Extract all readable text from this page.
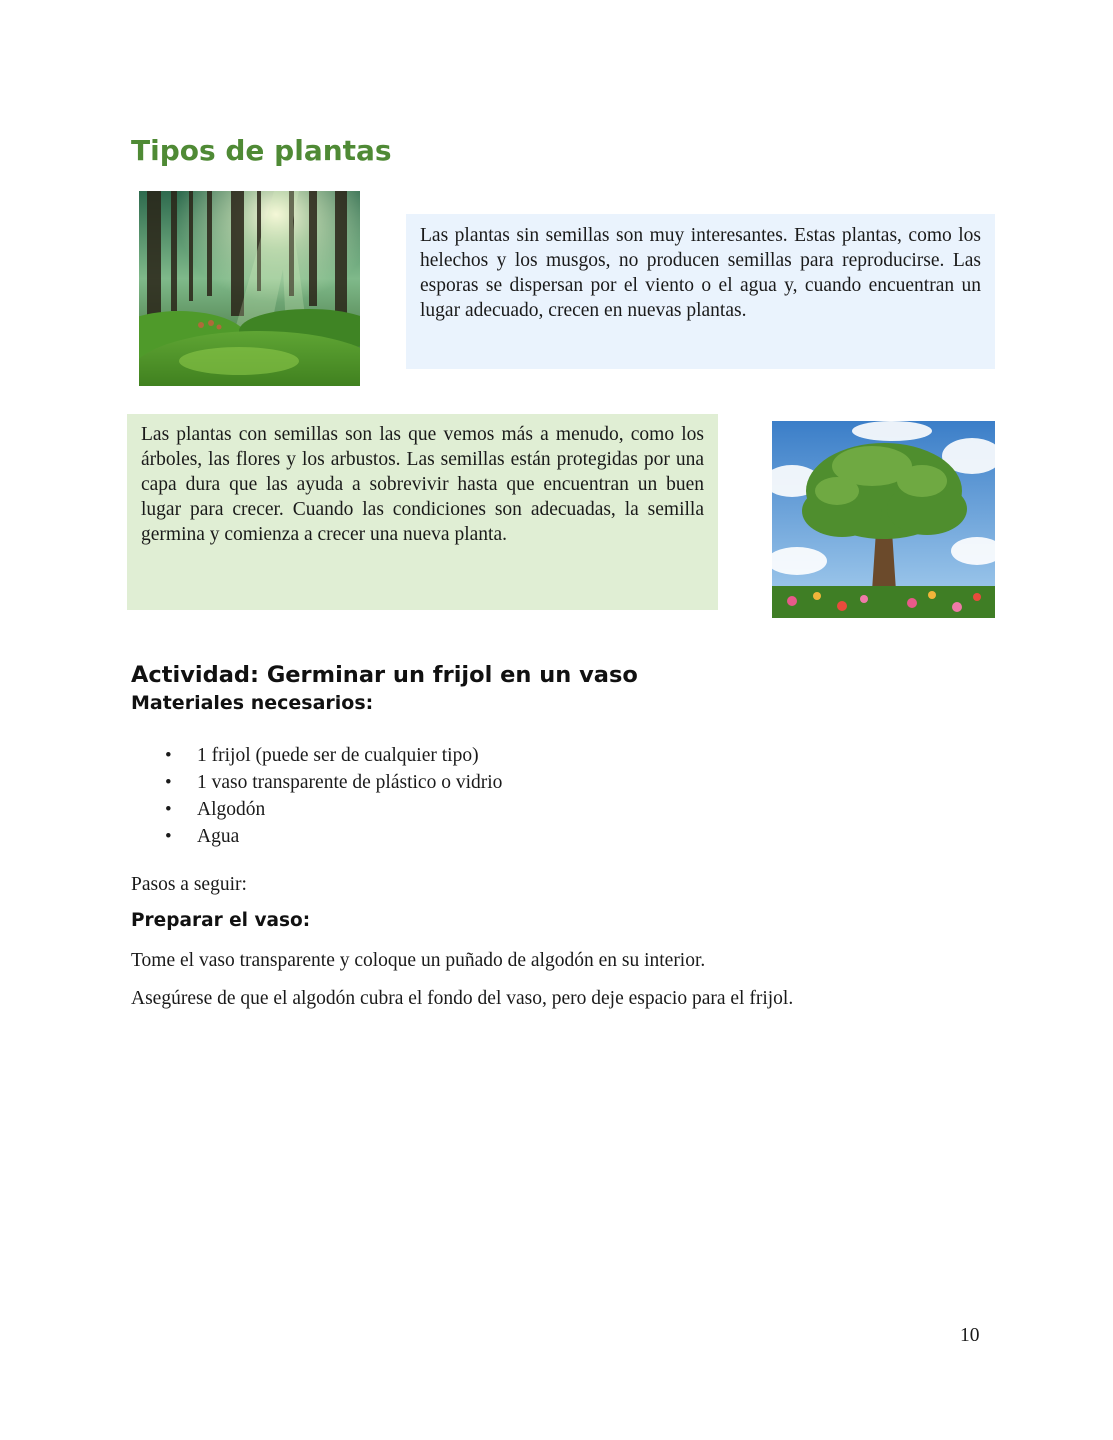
Tipos de plantas

Las plantas sin semillas son muy interesantes. Estas plantas, como los helechos y los musgos, no producen semillas para reproducirse. Las esporas se dispersan por el viento o el agua y, cuando encuentran un lugar adecuado, crecen en nuevas plantas.

Las plantas con semillas son las que vemos más a menudo, como los árboles, las flores y los arbustos. Las semillas están protegidas por una capa dura que las ayuda a sobrevivir hasta que encuentran un buen lugar para crecer. Cuando las condiciones son adecuadas, la semilla germina y comienza a crecer una nueva planta.

Actividad: Germinar un frijol en un vaso
Materiales necesarios:
• 1 frijol (puede ser de cualquier tipo)
• 1 vaso transparente de plástico o vidrio
• Algodón
• Agua

Pasos a seguir:

Preparar el vaso:

Tome el vaso transparente y coloque un puñado de algodón en su interior.

Asegúrese de que el algodón cubra el fondo del vaso, pero deje espacio para el frijol.

10
